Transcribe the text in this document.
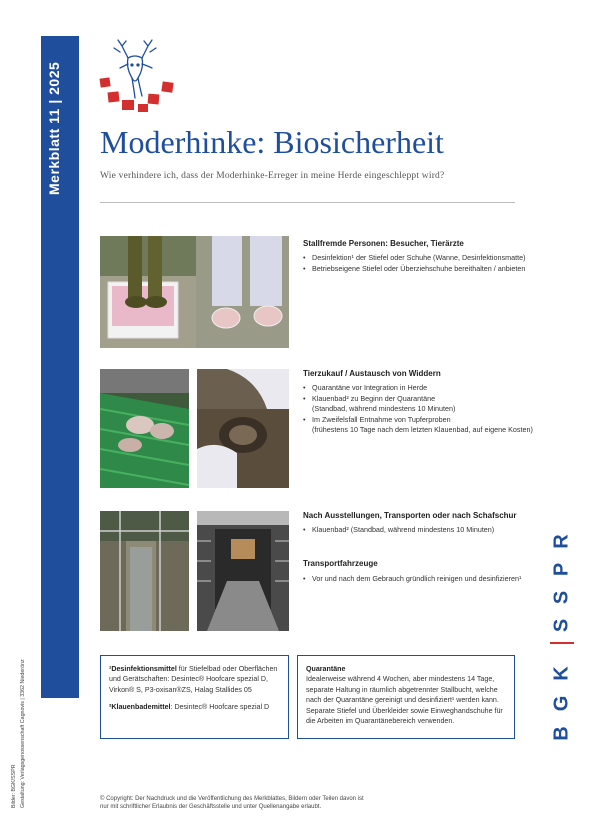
Merkblatt 11 | 2025 Moderhinke: Biosicherheit
Wie verhindere ich, dass der Moderhinke-Erreger in meine Herde eingeschleppt wird?
Stallfremde Personen: Besucher, Tierärzte
• Desinfektion¹ der Stiefel oder Schuhe (Wanne, Desinfektionsmatte)
• Betriebseigene Stiefel oder Überziehschuhe bereithalten / anbieten
Tierzukauf / Austausch von Widdern
• Quarantäne vor Integration in Herde
• Klauenbad² zu Beginn der Quarantäne
(Standbad, während mindestens 10 Minuten)
• Im Zweifelsfall Entnahme von Tupferproben
(frühestens 10 Tage nach dem letzten Klauenbad, auf eigene Kosten)
Nach Ausstellungen, Transporten oder nach Schafschur
• Klauenbad² (Standbad, während mindestens 10 Minuten)
Transportfahrzeuge
• Vor und nach dem Gebrauch gründlich reinigen und desinfizieren¹
¹Desinfektionsmittel für Stiefelbad oder Oberflächen und Gerätschaften: Desintec® Hoofcare spezial D, Virkon® S, P3-oxisan®ZS, Halag Stallides 05
²Klauenbademittel: Desintec® Hoofcare spezial D
Quarantäne
Idealerweise während 4 Wochen, aber mindestens 14 Tage, separate Haltung in räumlich abgetrennter Stallbucht, welche nach der Quarantäne gereinigt und desinfiziert¹ werden kann. Separate Stiefel und Überkleider sowie Einweghandschuhe für die Arbeiten im Quarantänebereich verwenden.
B
G
K
S
S
P
R
Bilder: BGK/SSPR Gestaltung: Verlagsgenossenschaft Cagnovis | 3362 Niederönz	© Copyright: Der Nachdruck und die Veröffentlichung des Merkblattes, Bildern oder Teilen davon ist nur mit schriftlicher Erlaubnis der Geschäftsstelle und unter Quellenangabe erlaubt.
